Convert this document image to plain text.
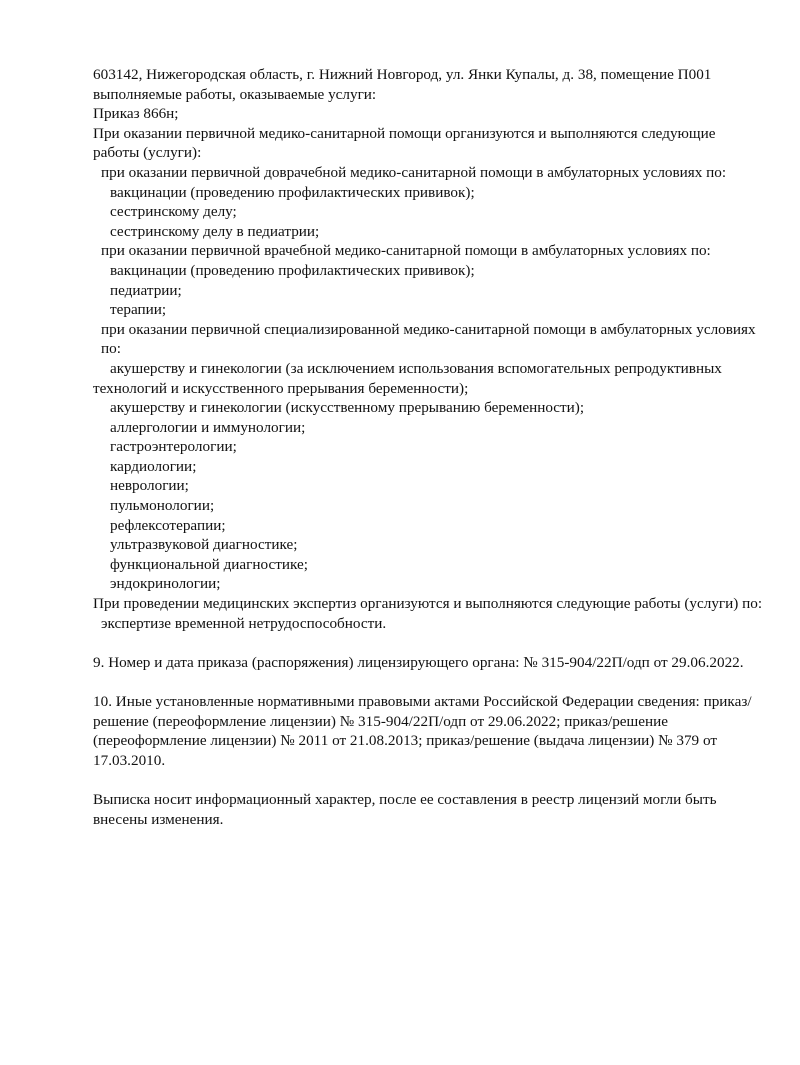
603142, Нижегородская область, г. Нижний Новгород, ул. Янки Купалы, д. 38, помещение П001
выполняемые работы, оказываемые услуги:
Приказ 866н;
При оказании первичной медико-санитарной помощи организуются и выполняются следующие работы (услуги):
при оказании первичной доврачебной медико-санитарной помощи в амбулаторных условиях по:
вакцинации (проведению профилактических прививок);
сестринскому делу;
сестринскому делу в педиатрии;
при оказании первичной врачебной медико-санитарной помощи в амбулаторных условиях по:
вакцинации (проведению профилактических прививок);
педиатрии;
терапии;
при оказании первичной специализированной медико-санитарной помощи в амбулаторных условиях по:
акушерству и гинекологии (за исключением использования вспомогательных репродуктивных технологий и искусственного прерывания беременности);
акушерству и гинекологии (искусственному прерыванию беременности);
аллергологии и иммунологии;
гастроэнтерологии;
кардиологии;
неврологии;
пульмонологии;
рефлексотерапии;
ультразвуковой диагностике;
функциональной диагностике;
эндокринологии;
При проведении медицинских экспертиз организуются и выполняются следующие работы (услуги) по:
экспертизе временной нетрудоспособности.
9. Номер и дата приказа (распоряжения) лицензирующего органа: № 315-904/22П/одп от 29.06.2022.
10. Иные установленные нормативными правовыми актами Российской Федерации сведения: приказ/решение (переоформление лицензии) № 315-904/22П/одп от 29.06.2022; приказ/решение (переоформление лицензии) № 2011 от 21.08.2013; приказ/решение (выдача лицензии) № 379 от 17.03.2010.
Выписка носит информационный характер, после ее составления в реестр лицензий могли быть внесены изменения.
